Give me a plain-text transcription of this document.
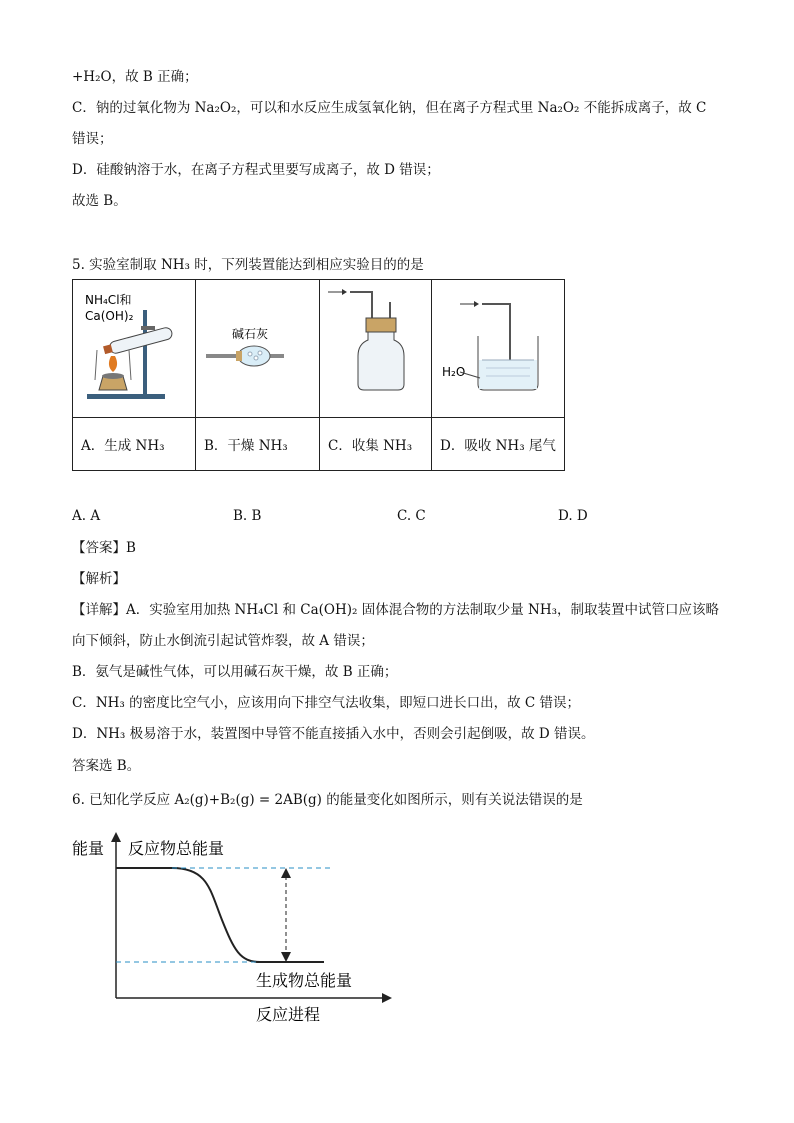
+H₂O，故 B 正确；
C．钠的过氧化物为 Na₂O₂，可以和水反应生成氢氧化钠，但在离子方程式里 Na₂O₂ 不能拆成离子，故 C
错误；
D．硅酸钠溶于水，在离子方程式里要写成离子，故 D 错误；
故选 B。
5. 实验室制取 NH₃ 时，下列装置能达到相应实验目的的是
NH₄Cl和
Ca(OH)₂	碱石灰		H₂O

A．生成 NH₃	B．干燥 NH₃	C．收集 NH₃	D．吸收 NH₃ 尾气
A. A	B. B	C. C	D. D
【答案】B
【解析】
【详解】A．实验室用加热 NH₄Cl 和 Ca(OH)₂ 固体混合物的方法制取少量 NH₃，制取装置中试管口应该略
向下倾斜，防止水倒流引起试管炸裂，故 A 错误；
B．氨气是碱性气体，可以用碱石灰干燥，故 B 正确；
C．NH₃ 的密度比空气小，应该用向下排空气法收集，即短口进长口出，故 C 错误；
D．NH₃ 极易溶于水，装置图中导管不能直接插入水中，否则会引起倒吸，故 D 错误。
答案选 B。
6. 已知化学反应 A₂(g)+B₂(g) = 2AB(g) 的能量变化如图所示，则有关说法错误的是
能量 反应物总能量
生成物总能量
反应进程
